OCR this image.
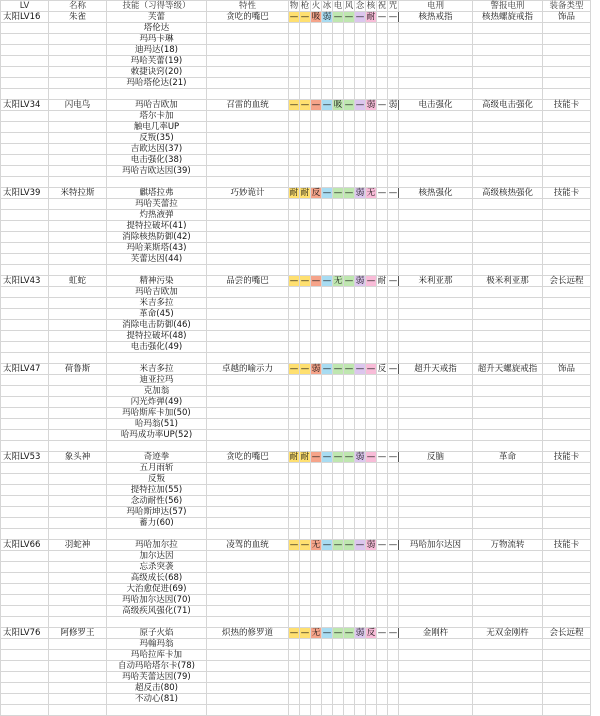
LV	名称	技能（习得等级）	特性	物	枪	火	冰	电	风	念	核	祝	咒	电刑	警报电刑	装备类型
太阳LV16	朱雀	芙蕾	贪吃的嘴巴	—	—	吸	弱	—	—	—	耐	—	—	核热戒指	核热螺旋戒指	饰品
		塔伦达														
		玛玛卡琳														
		迪玛达(18)														
		玛哈芙蕾(19)														
		敕捷诀窍(20)														
		玛哈塔伦达(21)														

太阳LV34	闪电鸟	玛哈吉欧加	召雷的血统	—	—	—	—	吸	—	—	弱	—	弱	电击强化	高级电击强化	技能卡
		塔尔卡加														
		触电几率UP														
		反叛(35)														
		吉欧达因(37)														
		电击强化(38)														
		玛哈吉欧达因(39)														

太阳LV39	米特拉斯	麒塔拉弗	巧妙诡计	耐	耐	反	—	—	—	弱	无	—	—	核热强化	高级核热强化	技能卡
		玛哈芙蕾拉														
		灼热液弹														
		提特拉破坏(41)														
		消除核热防御(42)														
		玛哈莱斯塔(43)														
		芙蕾达因(44)														

太阳LV43	虹蛇	精神污染	品尝的嘴巴	—	—	—	—	无	—	弱	—	耐	—	米利亚那	极米利亚那	会长远程
		玛哈吉欧加														
		米吉多拉														
		革命(45)														
		消除电击防御(46)														
		提特拉破坏(48)														
		电击强化(49)														

太阳LV47	荷鲁斯	米吉多拉	卓越的喻示力	—	—	弱	—	—	—	—	—	反	—	超升天戒指	超升天螺旋戒指	饰品
		迪亚拉玛														
		克加翁														
		闪光炸弹(49)														
		玛哈斯库卡加(50)														
		哈玛翁(51)														
		哈玛成功率UP(52)														

太阳LV53	象头神	奇迹拳	贪吃的嘴巴	耐	耐	—	—	—	—	弱	—	—	—	反脑	革命	技能卡
		五月雨斩														
		反叛														
		提特拉加(55)														
		念动耐性(56)														
		玛哈斯坤达(57)														
		蓄力(60)														

太阳LV66	羽蛇神	玛哈加尔拉	凌驾的血统	—	—	无	—	—	—	—	弱	—	—	玛哈加尔达因	万物流转	技能卡
		加尔达因														
		忘杀突袭														
		高级成长(68)														
		大治愈促进(69)														
		玛哈加尔达因(70)														
		高级疾风强化(71)														

太阳LV76	阿修罗王	原子火焰	炽热的修罗道	—	—	无	—	—	—	弱	反	—	—	金刚杵	无双金刚杵	会长远程
		玛翰玛翁														
		玛哈拉库卡加														
		自动玛哈塔尔卡(78)														
		玛哈芙蕾达因(79)														
		超反击(80)														
		不动心(81)														
